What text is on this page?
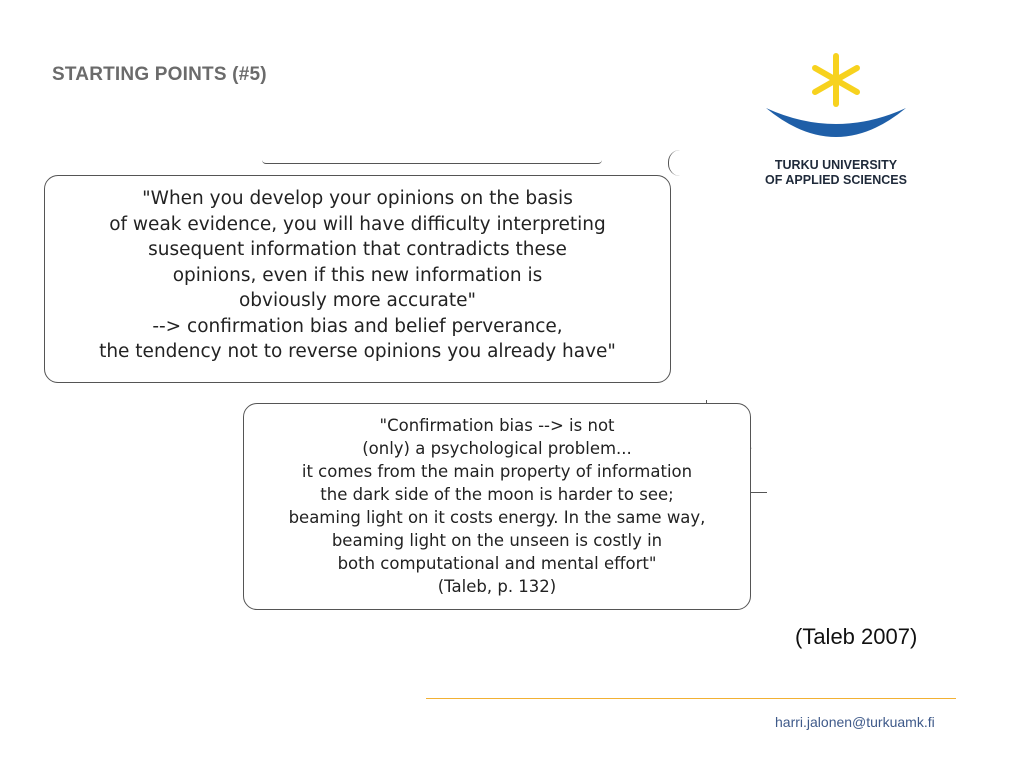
STARTING POINTS (#5)
TURKU UNIVERSITY
OF APPLIED SCIENCES
"When you develop your opinions on the basis
of weak evidence, you will have difficulty interpreting
susequent information that contradicts these
opinions, even if this new information is
obviously more accurate"
--> confirmation bias and belief perverance,
the tendency not to reverse opinions you already have"
"Confirmation bias --> is not
(only) a psychological problem...
it comes from the main property of information
the dark side of the moon is harder to see;
beaming light on it costs energy. In the same way,
beaming light on the unseen is costly in
both computational and mental effort"
(Taleb, p. 132)
(Taleb 2007)
harri.jalonen@turkuamk.fi
